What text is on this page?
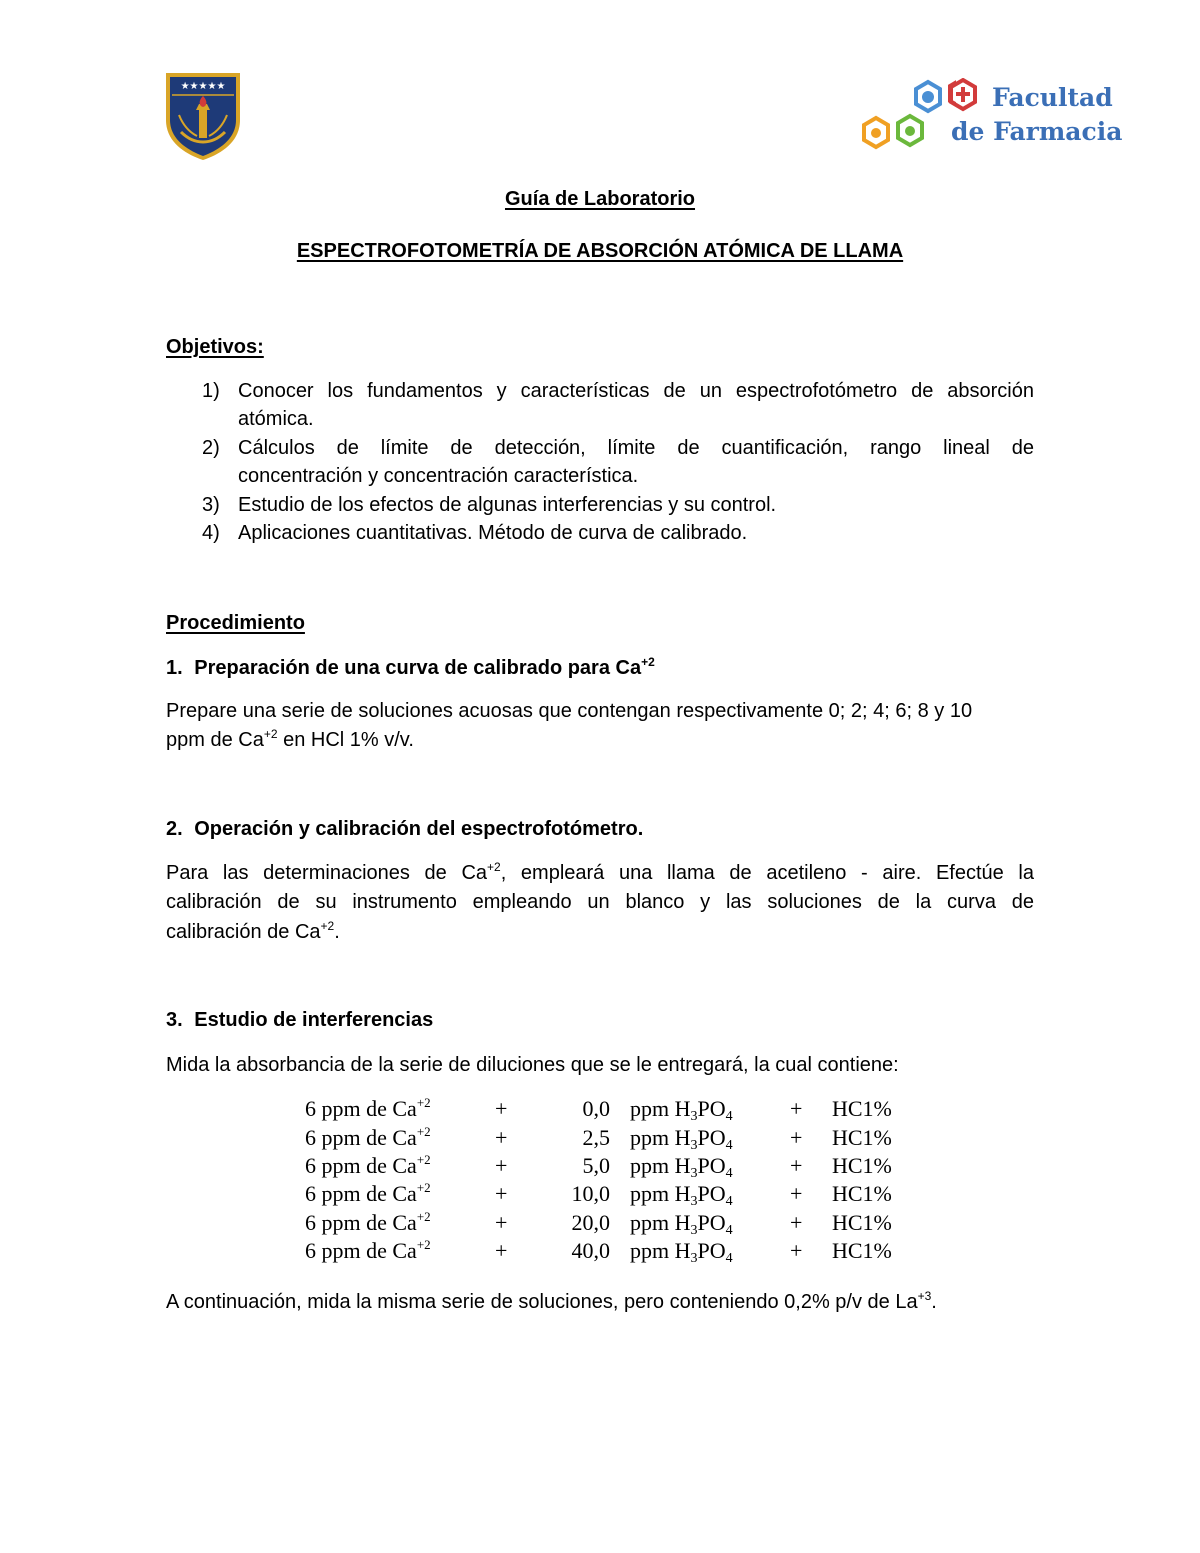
★★★★★	Facultad
de Farmacia
Guía de Laboratorio
ESPECTROFOTOMETRÍA DE ABSORCIÓN ATÓMICA DE LLAMA
Objetivos:
1) Conocer los fundamentos y características de un espectrofotómetro de absorción
atómica.
2) Cálculos de límite de detección, límite de cuantificación, rango lineal de
concentración y concentración característica.
3) Estudio de los efectos de algunas interferencias y su control.
4) Aplicaciones cuantitativas. Método de curva de calibrado.
Procedimiento
1. Preparación de una curva de calibrado para $Ca^{+2}$
Prepare una serie de soluciones acuosas que contengan respectivamente 0; 2; 4; 6; 8 y 10
ppm de $Ca^{+2}$ en HCl 1% v/v.
2. Operación y calibración del espectrofotómetro.
Para las determinaciones de $Ca^{+2}$, empleará una llama de acetileno - aire. Efectúe la
calibración de su instrumento empleando un blanco y las soluciones de la curva de
calibración de $Ca^{+2}$.
3. Estudio de interferencias
Mida la absorbancia de la serie de diluciones que se le entregará, la cual contiene:
6 ppm de $Ca^{+2}$	+	0,0	ppm $H_3PO_4$	+	HC1%
6 ppm de $Ca^{+2}$	+	2,5	ppm $H_3PO_4$	+	HC1%
6 ppm de $Ca^{+2}$	+	5,0	ppm $H_3PO_4$	+	HC1%
6 ppm de $Ca^{+2}$	+	10,0	ppm $H_3PO_4$	+	HC1%
6 ppm de $Ca^{+2}$	+	20,0	ppm $H_3PO_4$	+	HC1%
6 ppm de $Ca^{+2}$	+	40,0	ppm $H_3PO_4$	+	HC1%
A continuación, mida la misma serie de soluciones, pero conteniendo 0,2% p/v de $La^{+3}$.
